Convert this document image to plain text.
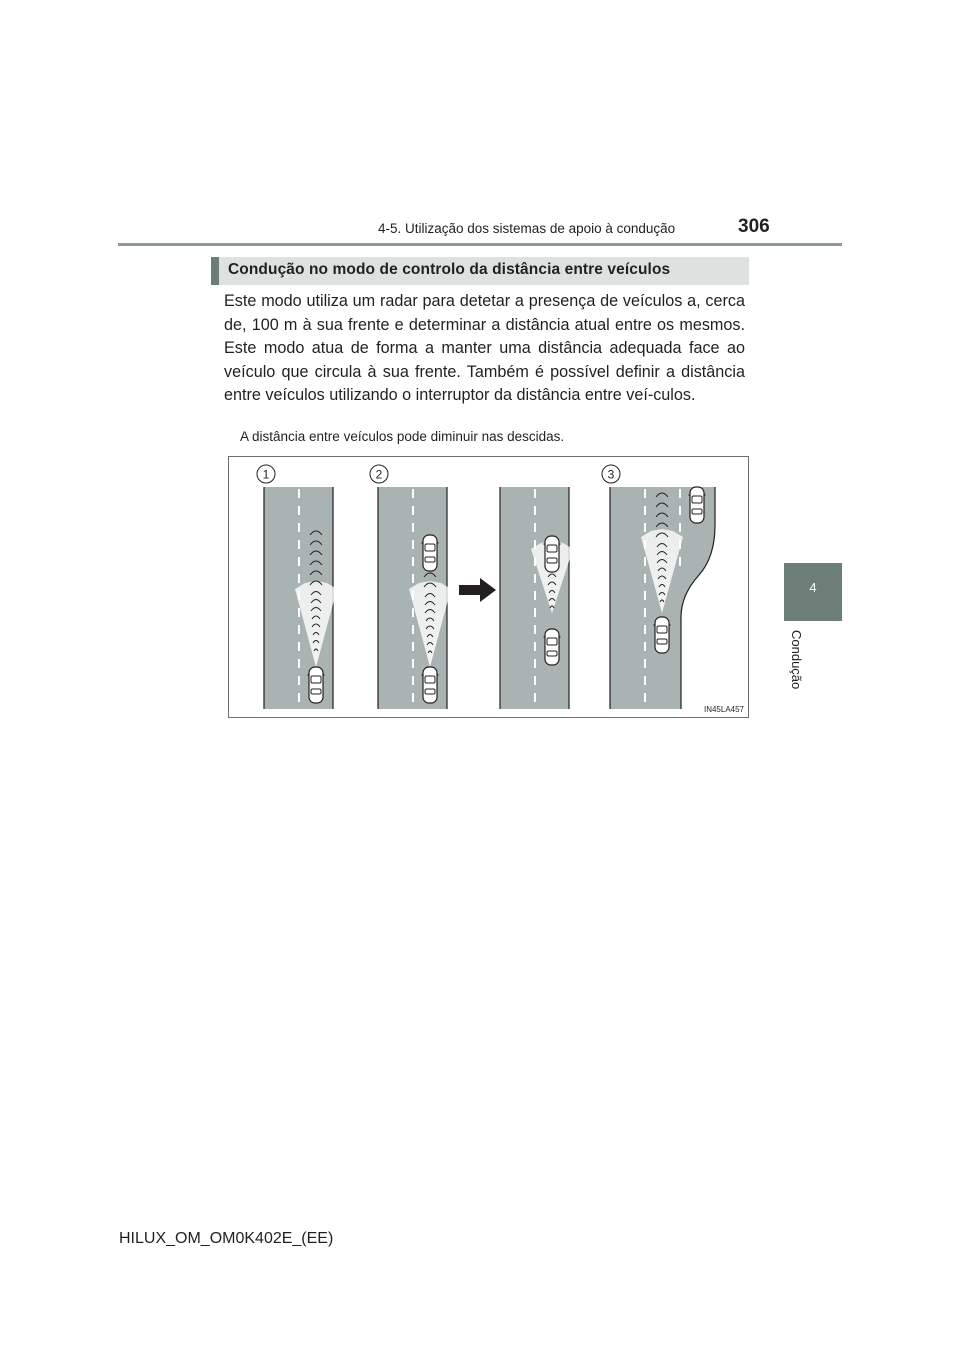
4-5. Utilização dos sistemas de apoio à condução	306
4
Condução
Condução no modo de controlo da distância entre veículos

Este modo utiliza um radar para detetar a presença de veículos a, cerca de, 100 m à sua frente e determinar a distância atual entre os mesmos. Este modo atua de forma a manter uma distância adequada face ao veículo que circula à sua frente. Também é possível definir a distância entre veículos utilizando o interruptor da distância entre veí-culos.

A distância entre veículos pode diminuir nas descidas.
1	2	3
IN45LA457
HILUX_OM_OM0K402E_(EE)
